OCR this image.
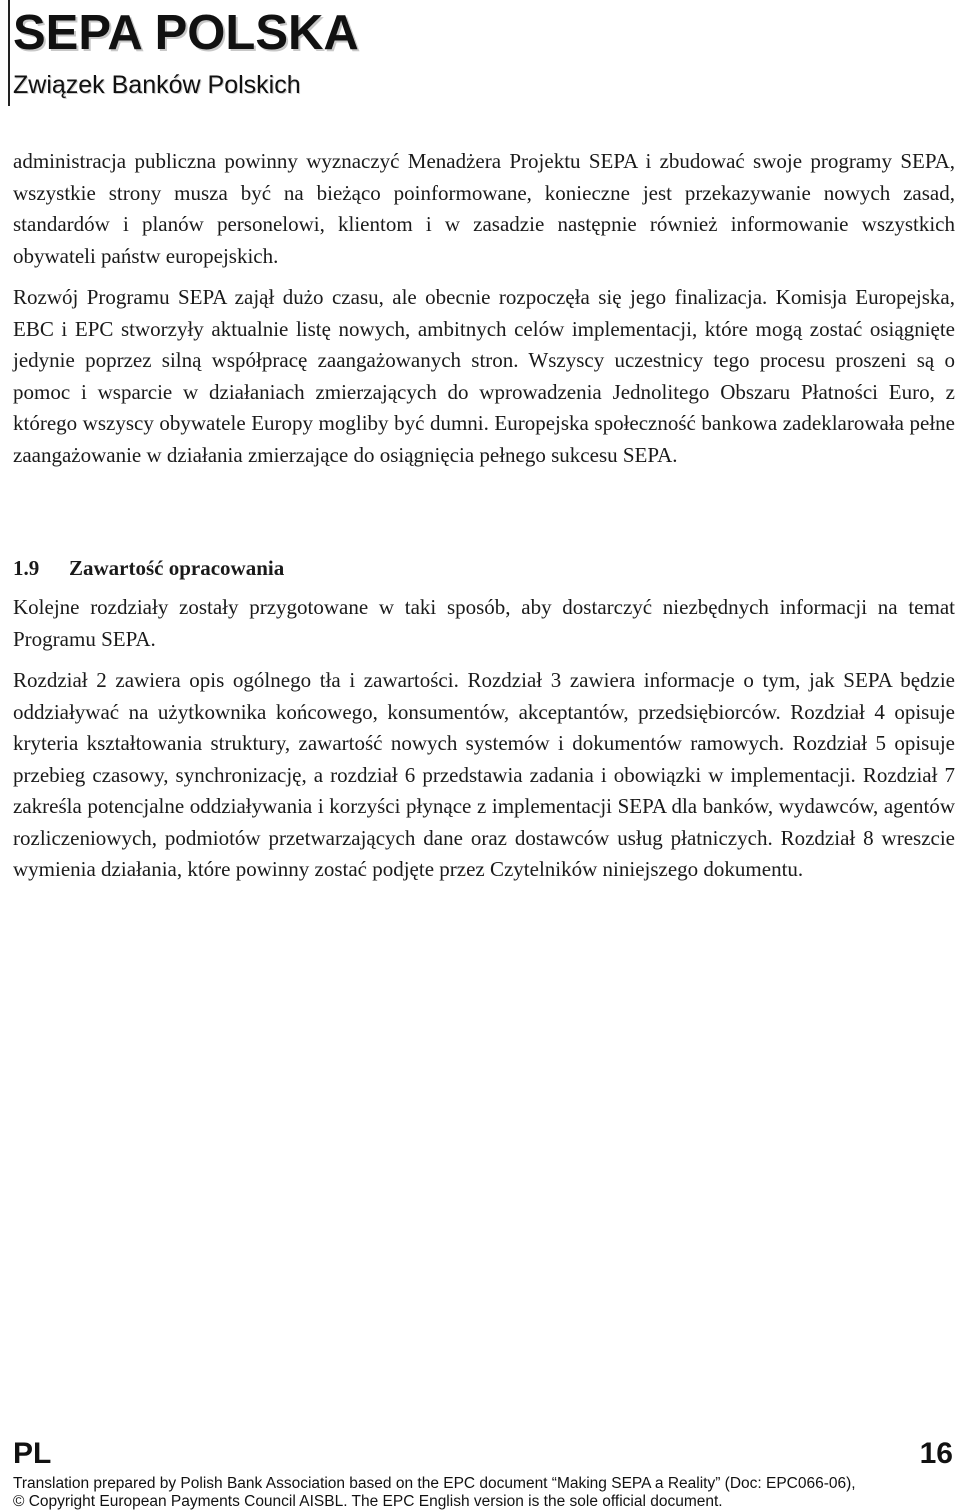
SEPA POLSKA
Związek Banków Polskich

administracja publiczna powinny wyznaczyć Menadżera Projektu SEPA i zbudować swoje programy SEPA, wszystkie strony musza być na bieżąco poinformowane, konieczne jest przekazywanie nowych zasad, standardów i planów personelowi, klientom i w zasadzie następnie również informowanie wszystkich obywateli państw europejskich.

Rozwój Programu SEPA zajął dużo czasu, ale obecnie rozpoczęła się jego finalizacja. Komisja Europejska, EBC i EPC stworzyły aktualnie listę nowych, ambitnych celów implementacji, które mogą zostać osiągnięte jedynie poprzez silną współpracę zaangażowanych stron. Wszyscy uczestnicy tego procesu proszeni są o pomoc i wsparcie w działaniach zmierzających do wprowadzenia Jednolitego Obszaru Płatności Euro, z którego wszyscy obywatele Europy mogliby być dumni. Europejska społeczność bankowa zadeklarowała pełne zaangażowanie w działania zmierzające do osiągnięcia pełnego sukcesu SEPA.

1.9	Zawartość opracowania

Kolejne rozdziały zostały przygotowane w taki sposób, aby dostarczyć niezbędnych informacji na temat Programu SEPA.

Rozdział 2 zawiera opis ogólnego tła i zawartości. Rozdział 3 zawiera informacje o tym, jak SEPA będzie oddziaływać na użytkownika końcowego, konsumentów, akceptantów, przedsiębiorców. Rozdział 4 opisuje kryteria kształtowania struktury, zawartość nowych systemów i dokumentów ramowych. Rozdział 5 opisuje przebieg czasowy, synchronizację, a rozdział 6 przedstawia zadania i obowiązki w implementacji. Rozdział 7 zakreśla potencjalne oddziaływania i korzyści płynące z implementacji SEPA dla banków, wydawców, agentów rozliczeniowych, podmiotów przetwarzających dane oraz dostawców usług płatniczych. Rozdział 8 wreszcie wymienia działania, które powinny zostać podjęte przez Czytelników niniejszego dokumentu.

PL	16
Translation prepared by Polish Bank Association based on the EPC document “Making SEPA a Reality” (Doc: EPC066-06),
© Copyright European Payments Council AISBL. The EPC English version is the sole official document.
